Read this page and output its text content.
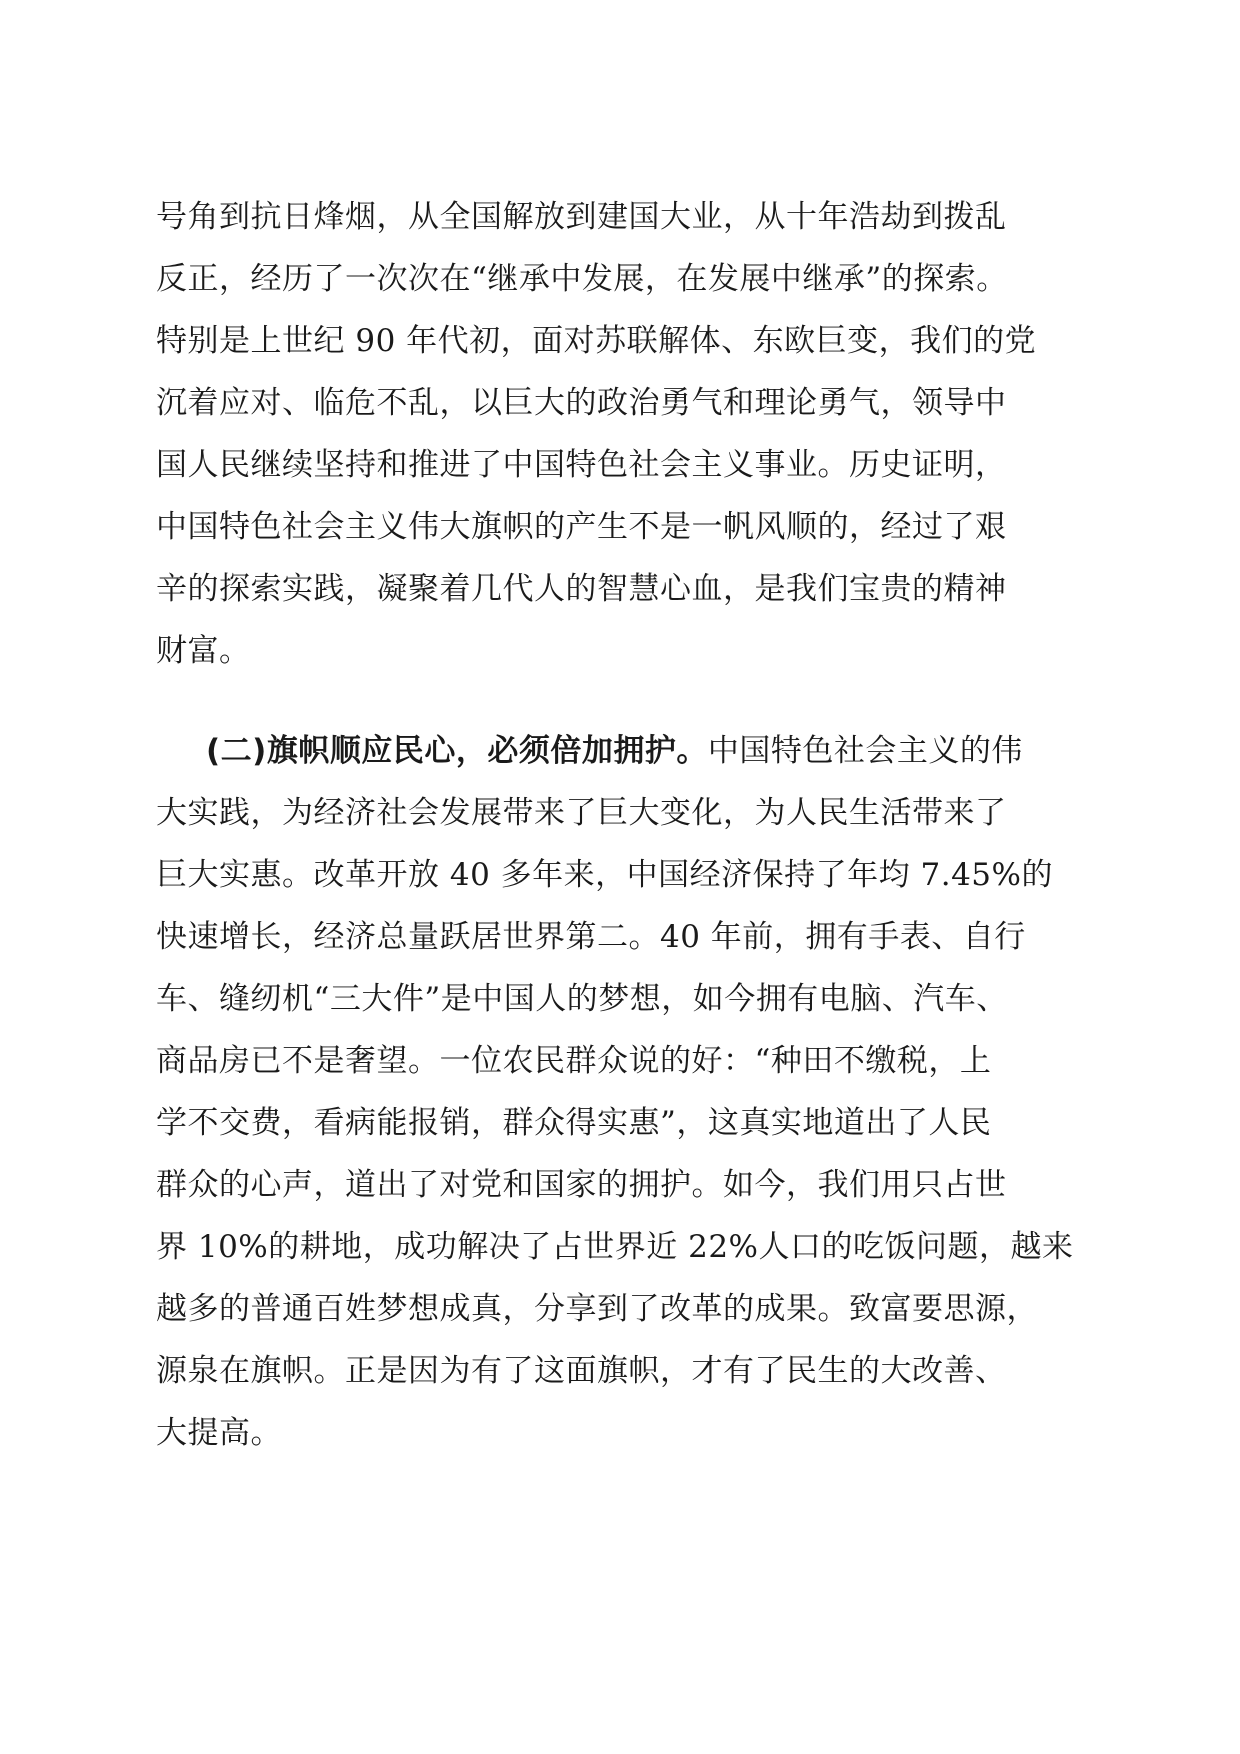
号角到抗日烽烟，从全国解放到建国大业，从十年浩劫到拨乱
反正，经历了一次次在“继承中发展，在发展中继承”的探索。
特别是上世纪 90 年代初，面对苏联解体、东欧巨变，我们的党
沉着应对、临危不乱，以巨大的政治勇气和理论勇气，领导中
国人民继续坚持和推进了中国特色社会主义事业。历史证明，
中国特色社会主义伟大旗帜的产生不是一帆风顺的，经过了艰
辛的探索实践，凝聚着几代人的智慧心血，是我们宝贵的精神
财富。
(二)旗帜顺应民心，必须倍加拥护。中国特色社会主义的伟
大实践，为经济社会发展带来了巨大变化，为人民生活带来了
巨大实惠。改革开放 40 多年来，中国经济保持了年均 7.45%的
快速增长，经济总量跃居世界第二。40 年前，拥有手表、自行
车、缝纫机“三大件”是中国人的梦想，如今拥有电脑、汽车、
商品房已不是奢望。一位农民群众说的好：“种田不缴税，上
学不交费，看病能报销，群众得实惠”，这真实地道出了人民
群众的心声，道出了对党和国家的拥护。如今，我们用只占世
界 10%的耕地，成功解决了占世界近 22%人口的吃饭问题，越来
越多的普通百姓梦想成真，分享到了改革的成果。致富要思源，
源泉在旗帜。正是因为有了这面旗帜，才有了民生的大改善、
大提高。
